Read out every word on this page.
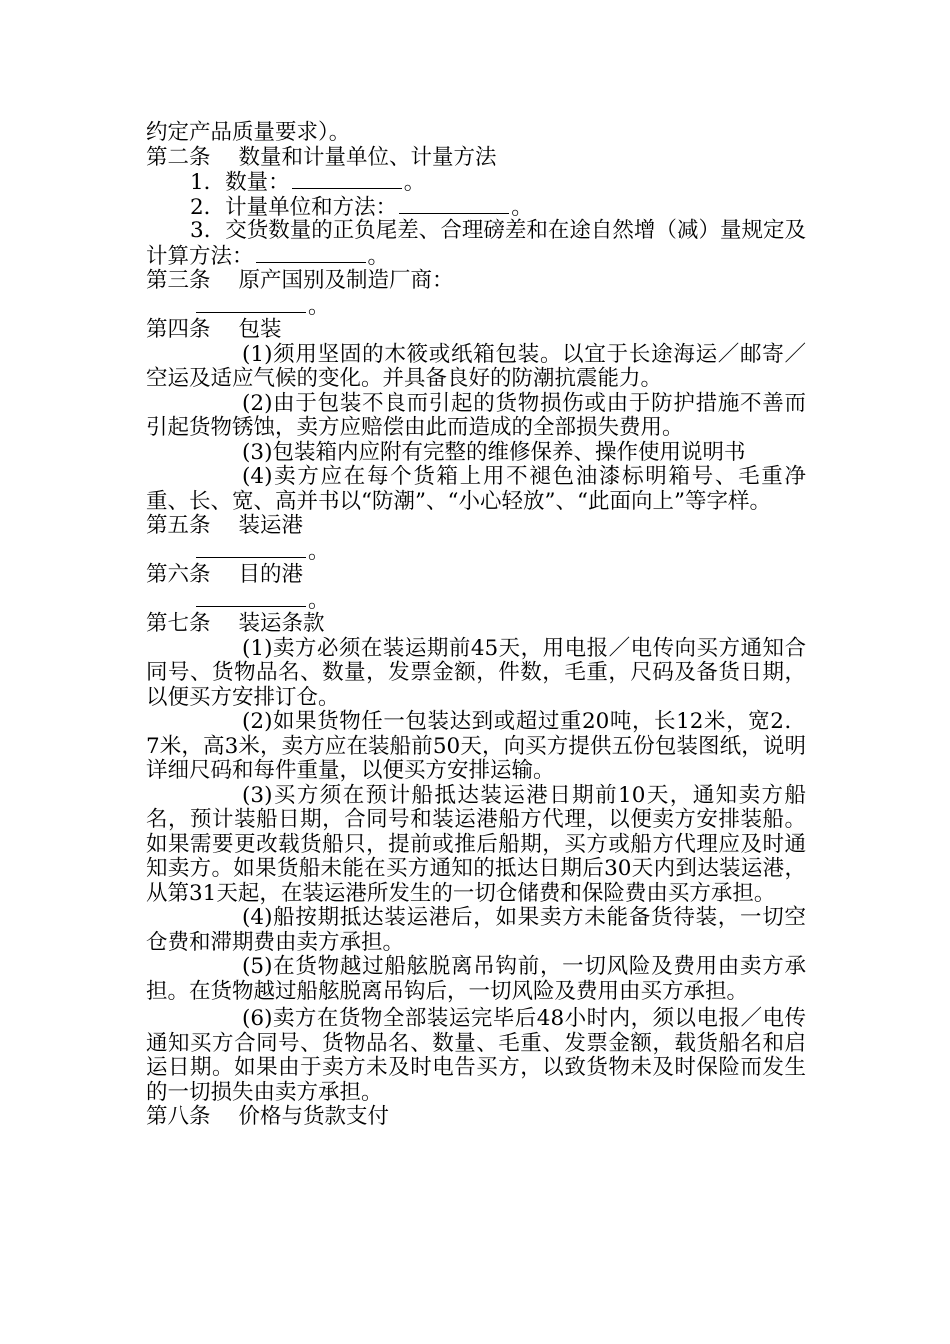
约定产品质量要求）。
第二条 数量和计量单位、计量方法
1．数量：	。
2．计量单位和方法：	。
3．交货数量的正负尾差、合理磅差和在途自然增（减）量规定及计算方法：	。
第三条 原产国别及制造厂商：
。
第四条 包装
(1)须用坚固的木筱或纸箱包装。以宜于长途海运／邮寄／空运及适应气候的变化。并具备良好的防潮抗震能力。
(2)由于包装不良而引起的货物损伤或由于防护措施不善而引起货物锈蚀，卖方应赔偿由此而造成的全部损失费用。
(3)包装箱内应附有完整的维修保养、操作使用说明书
(4)卖方应在每个货箱上用不褪色油漆标明箱号、毛重净重、长、宽、高并书以“防潮”、“小心轻放”、“此面向上”等字样。
第五条 装运港
。
第六条 目的港
。
第七条 装运条款
(1)卖方必须在装运期前45天，用电报／电传向买方通知合同号、货物品名、数量，发票金额，件数，毛重，尺码及备货日期，以便买方安排订仓。
(2)如果货物任一包装达到或超过重20吨，长12米，宽2．7米，高3米，卖方应在装船前50天，向买方提供五份包装图纸，说明详细尺码和每件重量，以便买方安排运输。
(3)买方须在预计船抵达装运港日期前10天，通知卖方船名，预计装船日期，合同号和装运港船方代理，以便卖方安排装船。如果需要更改载货船只，提前或推后船期，买方或船方代理应及时通知卖方。如果货船未能在买方通知的抵达日期后30天内到达装运港，从第31天起，在装运港所发生的一切仓储费和保险费由买方承担。
(4)船按期抵达装运港后，如果卖方未能备货待装，一切空仓费和滞期费由卖方承担。
(5)在货物越过船舷脱离吊钩前，一切风险及费用由卖方承担。在货物越过船舷脱离吊钩后，一切风险及费用由买方承担。
(6)卖方在货物全部装运完毕后48小时内，须以电报／电传通知买方合同号、货物品名、数量、毛重、发票金额，载货船名和启运日期。如果由于卖方未及时电告买方，以致货物未及时保险而发生的一切损失由卖方承担。
第八条 价格与货款支付
